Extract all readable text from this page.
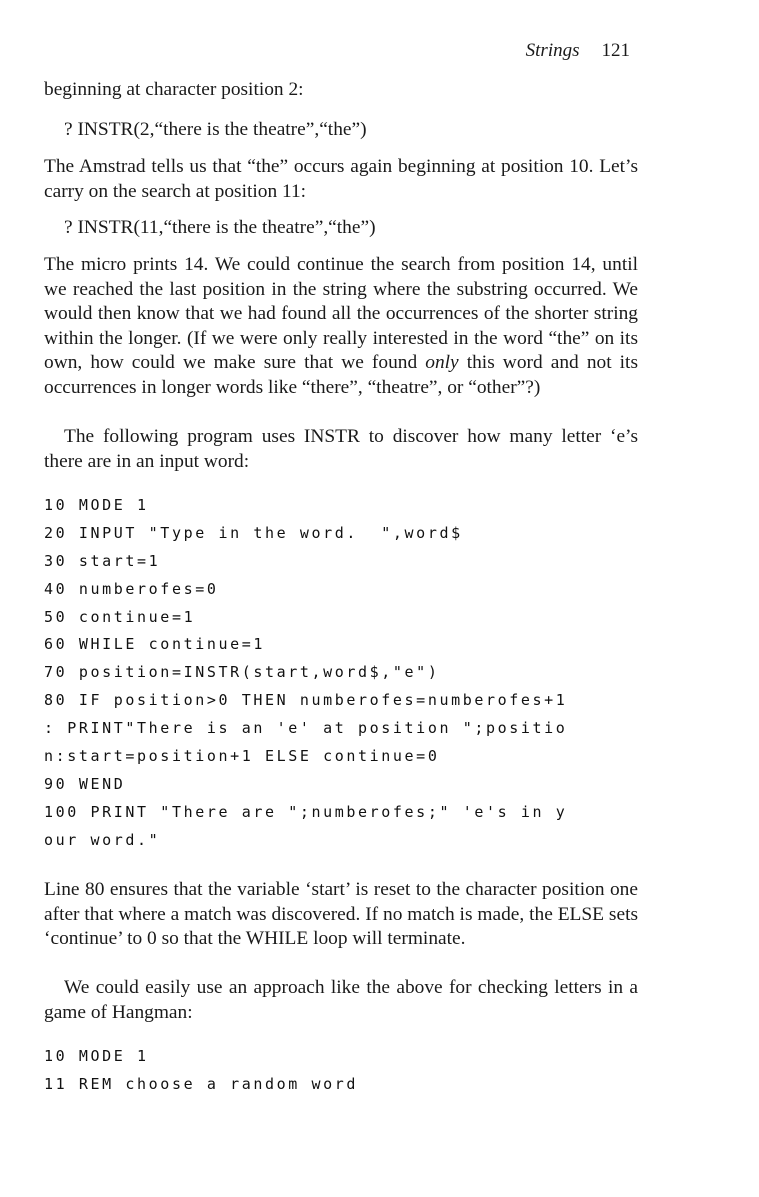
Strings 121
beginning at character position 2:
? INSTR(2,“there is the theatre”,“the”)
The Amstrad tells us that “the” occurs again beginning at position 10. Let’s carry on the search at position 11:
? INSTR(11,“there is the theatre”,“the”)
The micro prints 14. We could continue the search from position 14, until we reached the last position in the string where the substring occurred. We would then know that we had found all the occurrences of the shorter string within the longer. (If we were only really interested in the word “the” on its own, how could we make sure that we found only this word and not its occurrences in longer words like “there”, “theatre”, or “other”?)
The following program uses INSTR to discover how many letter ‘e’s there are in an input word:
10 MODE 1
20 INPUT "Type in the word.  ",word$
30 start=1
40 numberofes=0
50 continue=1
60 WHILE continue=1
70 position=INSTR(start,word$,"e")
80 IF position>0 THEN numberofes=numberofes+1
: PRINT"There is an 'e' at position ";positio
n:start=position+1 ELSE continue=0
90 WEND
100 PRINT "There are ";numberofes;" 'e's in y
our word."
Line 80 ensures that the variable ‘start’ is reset to the character position one after that where a match was discovered. If no match is made, the ELSE sets ‘continue’ to 0 so that the WHILE loop will terminate.
We could easily use an approach like the above for checking letters in a game of Hangman:
10 MODE 1
11 REM choose a random word
